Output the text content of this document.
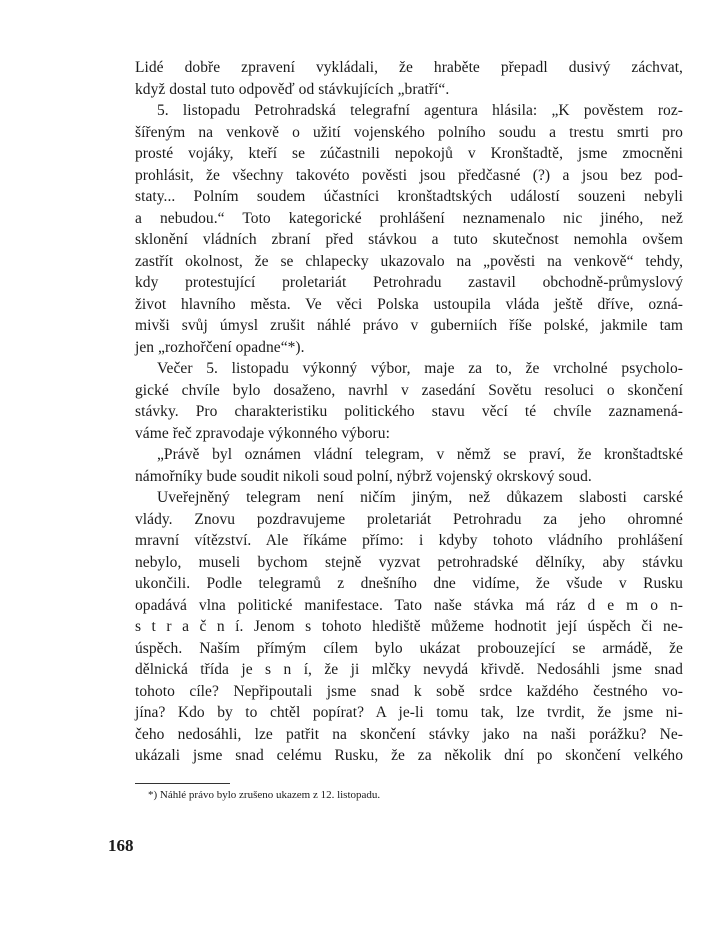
Lidé dobře zpravení vykládali, že hraběte přepadl dusivý záchvat,
když dostal tuto odpověď od stávkujících „bratří“.
5. listopadu Petrohradská telegrafní agentura hlásila: „K pověstem roz-
šířeným na venkově o užití vojenského polního soudu a trestu smrti pro
prosté vojáky, kteří se zúčastnili nepokojů v Kronštadtě, jsme zmocněni
prohlásit, že všechny takovéto pověsti jsou předčasné (?) a jsou bez pod-
staty... Polním soudem účastníci kronštadtských událostí souzeni nebyli
a nebudou.“ Toto kategorické prohlášení neznamenalo nic jiného, než
sklonění vládních zbraní před stávkou a tuto skutečnost nemohla ovšem
zastřít okolnost, že se chlapecky ukazovalo na „pověsti na venkově“ tehdy,
kdy protestující proletariát Petrohradu zastavil obchodně-průmyslový
život hlavního města. Ve věci Polska ustoupila vláda ještě dříve, ozná-
mivši svůj úmysl zrušit náhlé právo v guberniích říše polské, jakmile tam
jen „rozhořčení opadne“*).
Večer 5. listopadu výkonný výbor, maje za to, že vrcholné psycholo-
gické chvíle bylo dosaženo, navrhl v zasedání Sovětu resoluci o skončení
stávky. Pro charakteristiku politického stavu věcí té chvíle zaznamená-
váme řeč zpravodaje výkonného výboru:
„Právě byl oznámen vládní telegram, v němž se praví, že kronštadtské
námořníky bude soudit nikoli soud polní, nýbrž vojenský okrskový soud.
Uveřejněný telegram není ničím jiným, než důkazem slabosti carské
vlády. Znovu pozdravujeme proletariát Petrohradu za jeho ohromné
mravní vítězství. Ale říkáme přímo: i kdyby tohoto vládního prohlášení
nebylo, museli bychom stejně vyzvat petrohradské dělníky, aby stávku
ukončili. Podle telegramů z dnešního dne vidíme, že všude v Rusku
opadává vlna politické manifestace. Tato naše stávka má ráz d e m o n-
s t r a č n í. Jenom s tohoto hlediště můžeme hodnotit její úspěch či ne-
úspěch. Naším přímým cílem bylo ukázat probouzející se armádě, že
dělnická třída je s n í, že ji mlčky nevydá křivdě. Nedosáhli jsme snad
tohoto cíle? Nepřipoutali jsme snad k sobě srdce každého čestného vo-
jína? Kdo by to chtěl popírat? A je-li tomu tak, lze tvrdit, že jsme ni-
čeho nedosáhli, lze patřit na skončení stávky jako na naši porážku? Ne-
ukázali jsme snad celému Rusku, že za několik dní po skončení velkého
*) Náhlé právo bylo zrušeno ukazem z 12. listopadu.
168
